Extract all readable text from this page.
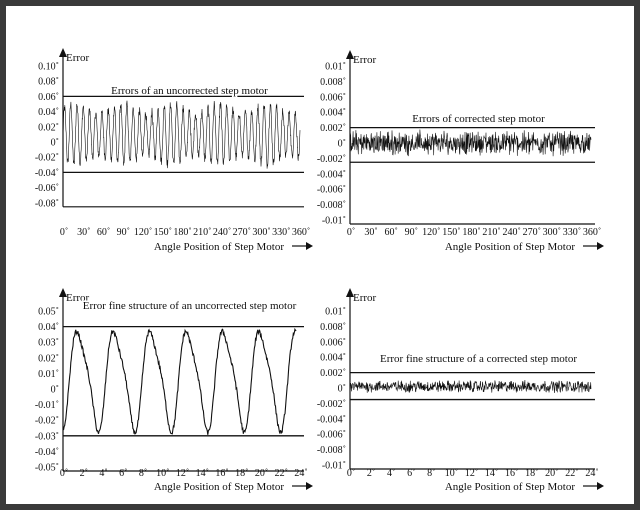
Error
0.10˚
0.08˚
0.06˚
0.04˚
0.02˚
0˚
-0.02˚
-0.04˚
-0.06˚
-0.08˚
0˚ 30˚ 60˚ 90˚ 120˚ 150˚ 180˚ 210˚ 240˚ 270˚ 300˚ 330˚ 360˚
Angle Position of Step Motor
Errors of an uncorrected step motor
Error
0.01˚
0.008˚
0.006˚
0.004˚
0.002˚
0˚
-0.002˚
-0.004˚
-0.006˚
-0.008˚
-0.01˚
0˚ 30˚ 60˚ 90˚ 120˚ 150˚ 180˚ 210˚ 240˚ 270˚ 300˚ 330˚ 360˚
Angle Position of Step Motor
Errors of corrected step motor
Error
0.05˚
0.04˚
0.03˚
0.02˚
0.01˚
0˚
-0.01˚
-0.02˚
-0.03˚
-0.04˚
-0.05˚ 0˚ 2˚ 4˚ 6˚ 8˚ 10˚ 12˚ 14˚ 16˚ 18˚ 20˚ 22˚ 24˚
Angle Position of Step Motor
Error fine structure of an uncorrected step motor
Error
0.01˚
0.008˚
0.006˚
0.004˚
0.002˚
0˚
-0.002˚
-0.004˚
-0.006˚
-0.008˚
-0.01˚
0˚ 2˚ 4˚ 6˚ 8˚ 10˚ 12˚ 14˚ 16˚ 18˚ 20˚ 22˚ 24˚
Angle Position of Step Motor
Error fine structure of a corrected step motor
